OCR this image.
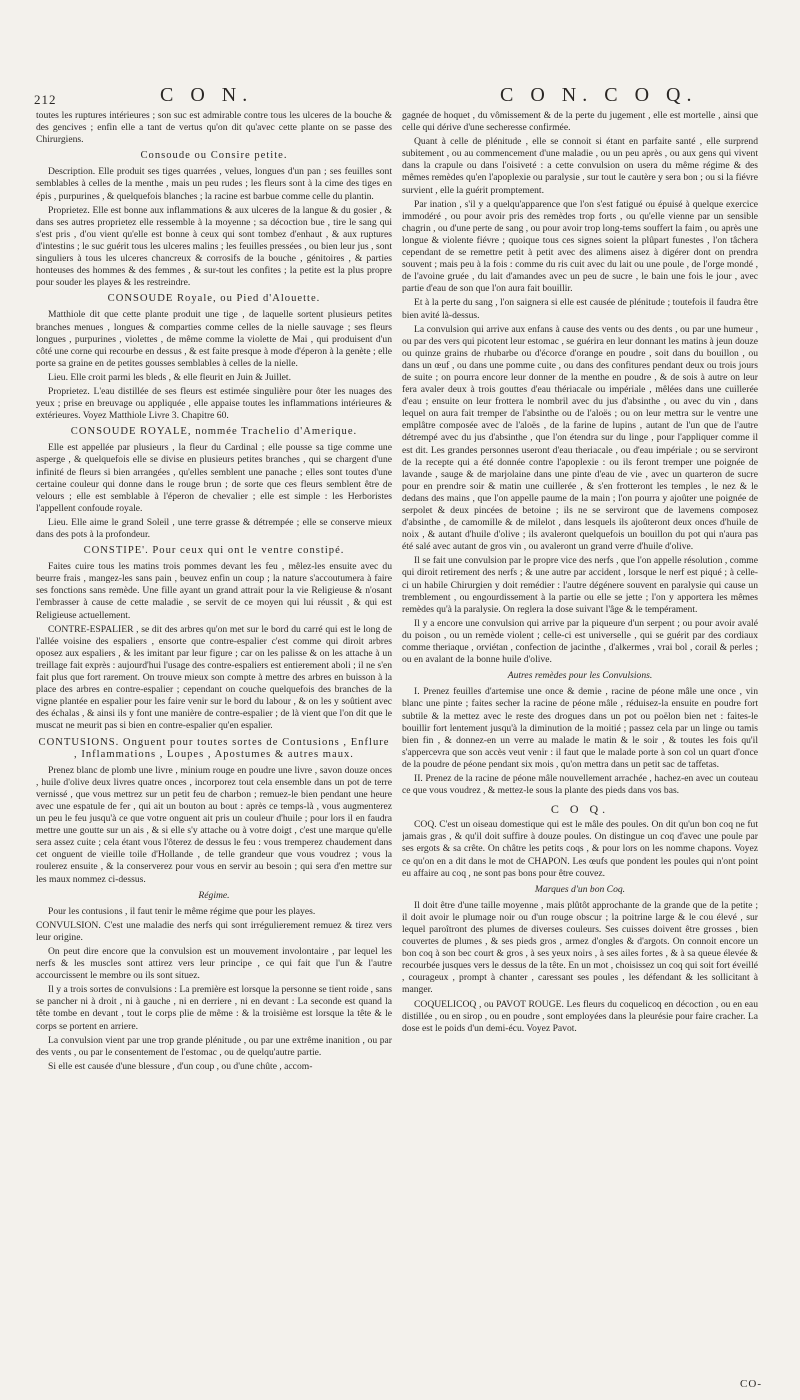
212	C O N.	C O N. C O Q.

toutes les ruptures intérieures ; son suc est admirable contre tous les ulceres de la bouche & des gencives ; enfin elle a tant de vertus qu'on dit qu'avec cette plante on se passe des Chirurgiens.

Consoude ou Consire petite.

Description. Elle produit ses tiges quarrées , velues, longues d'un pan ; ses feuilles sont semblables à celles de la menthe , mais un peu rudes ; les fleurs sont à la cime des tiges en épis , purpurines , & quelquefois blanches ; la racine est barbue comme celle du plantin.

Proprietez. Elle est bonne aux inflammations & aux ulceres de la langue & du gosier , & dans ses autres proprietez elle ressemble à la moyenne ; sa décoction bue , tire le sang qui s'est pris , d'ou vient qu'elle est bonne à ceux qui sont tombez d'enhaut , & aux ruptures d'intestins ; le suc guérit tous les ulceres malins ; les feuilles pressées , ou bien leur jus , sont singuliers à tous les ulceres chancreux & corrosifs de la bouche , génitoires , & parties honteuses des hommes & des femmes , & sur-tout les confites ; la petite est la plus propre pour souder les playes & les restreindre.

CONSOUDE Royale, ou Pied d'Alouette.

Matthiole dit que cette plante produit une tige , de laquelle sortent plusieurs petites branches menues , longues & comparties comme celles de la nielle sauvage ; ses fleurs longues , purpurines , violettes , de même comme la violette de Mai , qui produisent d'un côté une corne qui recourbe en dessus , & est faite presque à mode d'éperon à la genète ; elle porte sa graine en de petites gousses semblables à celles de la nielle.

Lieu. Elle croit parmi les bleds , & elle fleurit en Juin & Juillet.

Proprietez. L'eau distillée de ses fleurs est estimée singulière pour ôter les nuages des yeux ; prise en breuvage ou appliquée , elle appaise toutes les inflammations intérieures & extérieures. Voyez Matthiole Livre 3. Chapitre 60.

CONSOUDE ROYALE, nommée Trachelio d'Amerique.

Elle est appellée par plusieurs , la fleur du Cardinal ; elle pousse sa tige comme une asperge , & quelquefois elle se divise en plusieurs petites branches , qui se chargent d'une infinité de fleurs si bien arrangées , qu'elles semblent une panache ; elles sont toutes d'une certaine couleur qui donne dans le rouge brun ; de sorte que ces fleurs semblent être de velours ; elle est semblable à l'éperon de chevalier ; elle est simple : les Herboristes l'appellent confoude royale.

Lieu. Elle aime le grand Soleil , une terre grasse & détrempée ; elle se conserve mieux dans des pots à la profondeur.

CONSTIPE'. Pour ceux qui ont le ventre constipé.

Faites cuire tous les matins trois pommes devant les feu , mêlez-les ensuite avec du beurre frais , mangez-les sans pain , beuvez enfin un coup ; la nature s'accoutumera à faire ses fonctions sans remède. Une fille ayant un grand attrait pour la vie Religieuse & n'osant l'embrasser à cause de cette maladie , se servit de ce moyen qui lui réussit , & qui est Religieuse actuellement.

CONTRE-ESPALIER , se dit des arbres qu'on met sur le bord du carré qui est le long de l'allée voisine des espaliers , ensorte que contre-espalier c'est comme qui diroit arbres oposez aux espaliers , & les imitant par leur figure ; car on les palisse & on les attache à un treillage fait exprès : aujourd'hui l'usage des contre-espaliers est entierement aboli ; il ne s'en fait plus que fort rarement. On trouve mieux son compte à mettre des arbres en buisson à la place des arbres en contre-espalier ; cependant on couche quelquefois des branches de la vigne plantée en espalier pour les faire venir sur le bord du labour , & on les y soûtient avec des échalas , & ainsi ils y font une manière de contre-espalier ; de là vient que l'on dit que le muscat ne meurit pas si bien en contre-espalier qu'en espalier.

CONTUSIONS. Onguent pour toutes sortes de Contusions , Enflure , Inflammations , Loupes , Apostumes & autres maux.

Prenez blanc de plomb une livre , minium rouge en poudre une livre , savon douze onces , huile d'olive deux livres quatre onces , incorporez tout cela ensemble dans un pot de terre vernissé , que vous mettrez sur un petit feu de charbon ; remuez-le bien pendant une heure avec une espatule de fer , qui ait un bouton au bout : après ce temps-là , vous augmenterez un peu le feu jusqu'à ce que votre onguent ait pris un couleur d'huile ; pour lors il en faudra mettre une goutte sur un ais , & si elle s'y attache ou à votre doigt , c'est une marque qu'elle sera assez cuite ; cela étant vous l'ôterez de dessus le feu : vous tremperez chaudement dans cet onguent de vieille toile d'Hollande , de telle grandeur que vous voudrez ; vous la roulerez ensuite , & la conserverez pour vous en servir au besoin ; qui sera d'en mettre sur les maux nommez ci-dessus.

Régime.

Pour les contusions , il faut tenir le même régime que pour les playes.

CONVULSION. C'est une maladie des nerfs qui sont irrégulierement remuez & tirez vers leur origine.

On peut dire encore que la convulsion est un mouvement involontaire , par lequel les nerfs & les muscles sont attirez vers leur principe , ce qui fait que l'un & l'autre accourcissent le membre ou ils sont situez.

Il y a trois sortes de convulsions : La première est lorsque la personne se tient roide , sans se pancher ni à droit , ni à gauche , ni en derriere , ni en devant : La seconde est quand la tête tombe en devant , tout le corps plie de même : & la troisième est lorsque la tête & le corps se portent en arriere.

La convulsion vient par une trop grande plénitude , ou par une extrême inanition , ou par des vents , ou par le consentement de l'estomac , ou de quelqu'autre partie.

Si elle est causée d'une blessure , d'un coup , ou d'une chûte , accom-

gagnée de hoquet , du vômissement & de la perte du jugement , elle est mortelle , ainsi que celle qui dérive d'une secheresse confirmée.

Quant à celle de plénitude , elle se connoit si étant en parfaite santé , elle surprend subitement , ou au commencement d'une maladie , ou un peu après , ou aux gens qui vivent dans la crapule ou dans l'oisiveté : a cette convulsion on usera du même régime & des mêmes remèdes qu'en l'apoplexie ou paralysie , sur tout le cautère y sera bon ; ou si la fiévre survient , elle la guérit promptement.

Par ination , s'il y a quelqu'apparence que l'on s'est fatigué ou épuisé à quelque exercice immodéré , ou pour avoir pris des remèdes trop forts , ou qu'elle vienne par un sensible chagrin , ou d'une perte de sang , ou pour avoir trop long-tems souffert la faim , ou après une longue & violente fiévre ; quoique tous ces signes soient la plûpart funestes , l'on tâchera cependant de se remettre petit à petit avec des alimens aisez à digérer dont on prendra souvent ; mais peu à la fois : comme du ris cuit avec du lait ou une poule , de l'orge mondé , de l'avoine gruée , du lait d'amandes avec un peu de sucre , le bain une fois le jour , avec partie d'eau de son que l'on aura fait bouillir.

Et à la perte du sang , l'on saignera si elle est causée de plénitude ; toutefois il faudra être bien avité là-dessus.

La convulsion qui arrive aux enfans à cause des vents ou des dents , ou par une humeur , ou par des vers qui picotent leur estomac , se guérira en leur donnant les matins à jeun douze ou quinze grains de rhubarbe ou d'écorce d'orange en poudre , soit dans du bouillon , ou dans un œuf , ou dans une pomme cuite , ou dans des confitures pendant deux ou trois jours de suite ; on pourra encore leur donner de la menthe en poudre , & de sois à autre on leur fera avaler deux à trois gouttes d'eau thériacale ou impériale , mêlées dans une cuillerée d'eau ; ensuite on leur frottera le nombril avec du jus d'absinthe , ou avec du vin , dans lequel on aura fait tremper de l'absinthe ou de l'aloës ; ou on leur mettra sur le ventre une emplâtre composée avec de l'aloës , de la farine de lupins , autant de l'un que de l'autre détrempé avec du jus d'absinthe , que l'on étendra sur du linge , pour l'appliquer comme il est dit. Les grandes personnes useront d'eau theriacale , ou d'eau impériale ; ou se serviront de la recepte qui a été donnée contre l'apoplexie : ou ils feront tremper une poignée de lavande , sauge & de marjolaine dans une pinte d'eau de vie , avec un quarteron de sucre pour en prendre soir & matin une cuillerée , & s'en frotteront les temples , le nez & le dedans des mains , que l'on appelle paume de la main ; l'on pourra y ajoûter une poignée de serpolet & deux pincées de betoine ; ils ne se serviront que de lavemens composez d'absinthe , de camomille & de milelot , dans lesquels ils ajoûteront deux onces d'huile de noix , & autant d'huile d'olive ; ils avaleront quelquefois un bouillon du pot qui n'aura pas été salé avec autant de gros vin , ou avaleront un grand verre d'huile d'olive.

Il se fait une convulsion par le propre vice des nerfs , que l'on appelle résolution , comme qui diroit retirement des nerfs ; & une autre par accident , lorsque le nerf est piqué ; à celle-ci un habile Chirurgien y doit remédier : l'autre dégénere souvent en paralysie qui cause un tremblement , ou engourdissement à la partie ou elle se jette ; l'on y apportera les mêmes remèdes qu'à la paralysie. On reglera la dose suivant l'âge & le tempérament.

Il y a encore une convulsion qui arrive par la piqueure d'un serpent ; ou pour avoir avalé du poison , ou un remède violent ; celle-ci est universelle , qui se guérit par des cordiaux comme theriaque , orviétan , confection de jacinthe , d'alkermes , vrai bol , corail & perles ; ou en avalant de la bonne huile d'olive.

Autres remèdes pour les Convulsions.

I. Prenez feuilles d'artemise une once & demie , racine de péone mâle une once , vin blanc une pinte ; faites secher la racine de péone mâle , réduisez-la ensuite en poudre fort subtile & la mettez avec le reste des drogues dans un pot ou poëlon bien net : faites-le bouillir fort lentement jusqu'à la diminution de la moitié ; passez cela par un linge ou tamis bien fin , & donnez-en un verre au malade le matin & le soir , & toutes les fois qu'il s'appercevra que son accès veut venir : il faut que le malade porte à son col un quart d'once de la poudre de péone pendant six mois , qu'on mettra dans un petit sac de taffetas.

II. Prenez de la racine de péone mâle nouvellement arrachée , hachez-en avec un couteau ce que vous voudrez , & mettez-le sous la plante des pieds dans vos bas.

C O Q.

COQ. C'est un oiseau domestique qui est le mâle des poules. On dit qu'un bon coq ne fut jamais gras , & qu'il doit suffire à douze poules. On distingue un coq d'avec une poule par ses ergots & sa crête. On châtre les petits coqs , & pour lors on les nomme chapons. Voyez ce qu'on en a dit dans le mot de CHAPON. Les œufs que pondent les poules qui n'ont point eu affaire au coq , ne sont pas bons pour être couvez.

Marques d'un bon Coq.

Il doit être d'une taille moyenne , mais plûtôt approchante de la grande que de la petite ; il doit avoir le plumage noir ou d'un rouge obscur ; la poitrine large & le cou élevé , sur lequel paroîtront des plumes de diverses couleurs. Ses cuisses doivent être grosses , bien couvertes de plumes , & ses pieds gros , armez d'ongles & d'argots. On connoit encore un bon coq à son bec court & gros , à ses yeux noirs , à ses ailes fortes , & à sa queue élevée & recourbée jusques vers le dessus de la tête. En un mot , choisissez un coq qui soit fort éveillé , courageux , prompt à chanter , caressant ses poules , les défendant & les sollicitant à manger.

COQUELICOQ , ou PAVOT ROUGE. Les fleurs du coquelicoq en décoction , ou en eau distillée , ou en sirop , ou en poudre , sont employées dans la pleurésie pour faire cracher. La dose est le poids d'un demi-écu. Voyez Pavot.

CO-
